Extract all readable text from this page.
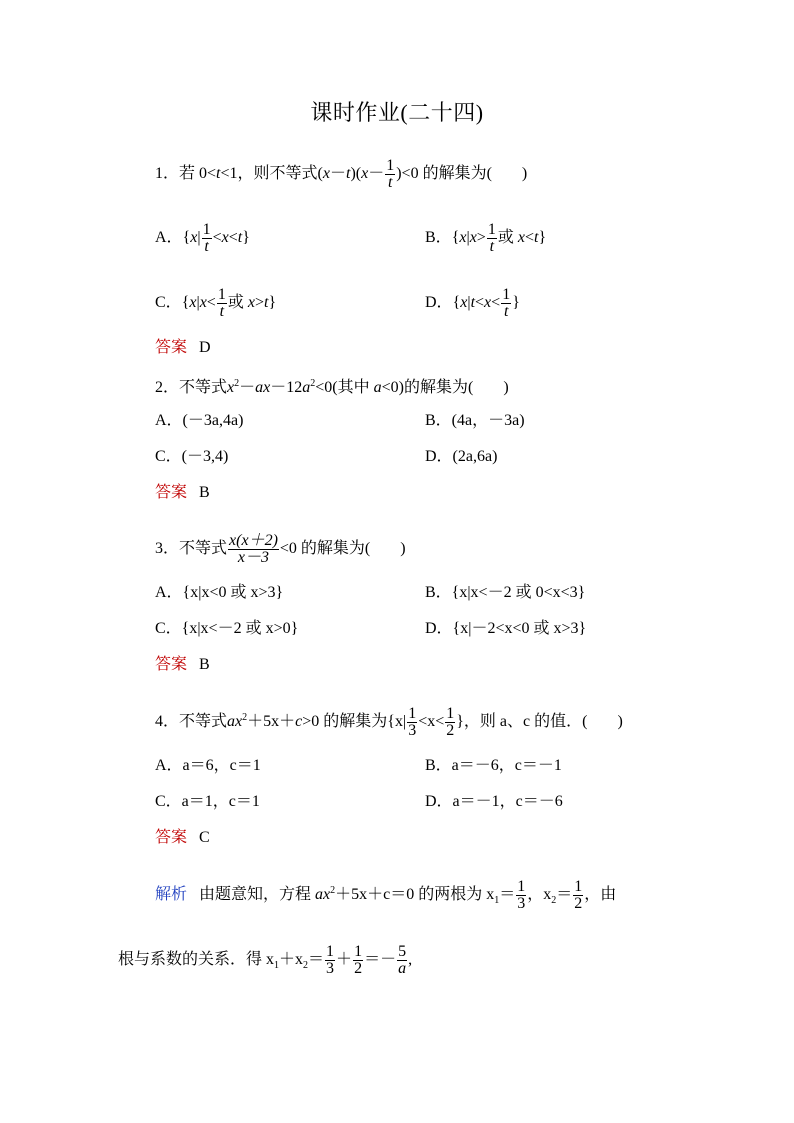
课时作业(二十四)
1．若 0<t<1，则不等式$(x-t)(x- \frac{1}{t} )<0$ 的解集为( )
A．$\{x| \frac{1}{t} <x<t\}$	B．{$x|x> \frac{1}{t}$ 或 x<t}
C．{$x|x< \frac{1}{t}$ 或 x>t}	D．{$x|t<x< \frac{1}{t}$ }
答案 D
2．不等式$x^2-ax-12a^2<0$(其中 a<0)的解集为( )
A．(－3a,4a)	B．(4a，－3a)
C．(－3,4)	D．(2a,6a)
答案 B
3．不等式 $\frac{x(x+2)}{x-3} <0$ 的解集为( )
A．{x|x<0 或 x>3}	B．{x|x<－2 或 0<x<3}
C．{x|x<－2 或 x>0}	D．{x|－2<x<0 或 x>3}
答案 B
4．不等式$ax^2+5x+c>0$ 的解集为{$x| \frac{1}{3} <x< \frac{1}{2}$ }，则 a、c 的值．( )
A．a＝6，c＝1	B．a＝－6，c＝－1
C．a＝1，c＝1	D．a＝－1，c＝－6
答案 C
解析 由题意知，方程 $ax^2+5x+c=0$ 的两根为 $x_1= \frac{1}{3}$ ，$x_2= \frac{1}{2}$ ，由
根与系数的关系．得 $x_1+x_2= \frac{1}{3} + \frac{1}{2} =- \frac{5}{a}$ ,
